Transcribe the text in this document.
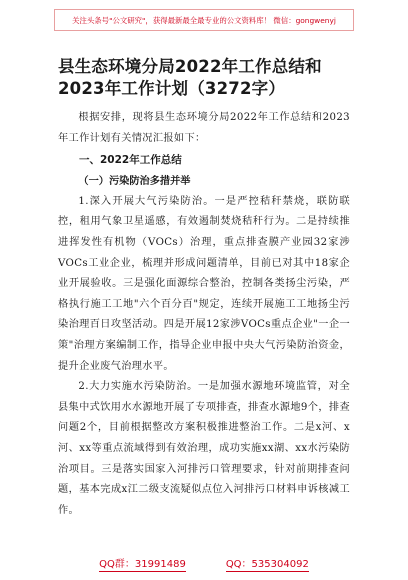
关注头条号"公文研究"，获得最新最全最专业的公文资料库！ 微信：gongwenyj
县生态环境分局2022年工作总结和2023年工作计划（3272字）

根据安排，现将县生态环境分局2022年工作总结和2023年工作计划有关情况汇报如下：

一、2022年工作总结
（一）污染防治多措并举

1.深入开展大气污染防治。一是严控秸秆禁烧，联防联控，租用气象卫星遥感，有效遏制焚烧秸秆行为。二是持续推进挥发性有机物（VOCs）治理，重点排查膜产业园32家涉VOCs工业企业，梳理并形成问题清单，目前已对其中18家企业开展验收。三是强化面源综合整治，控制各类扬尘污染，严格执行施工工地"六个百分百"规定，连续开展施工工地扬尘污染治理百日攻坚活动。四是开展12家涉VOCs重点企业"一企一策"治理方案编制工作，指导企业申报中央大气污染防治资金，提升企业废气治理水平。

2.大力实施水污染防治。一是加强水源地环境监管，对全县集中式饮用水水源地开展了专项排查，排查水源地9个，排查问题2个，目前根据整改方案积极推进整治工作。二是x河、x河、xx等重点流域得到有效治理，成功实施xx湖、xx水污染防治项目。三是落实国家入河排污口管理要求，针对前期排查问题，基本完成x江二级支流疑似点位入河排污口材料申诉核减工作。

QQ群：31991489	QQ：535304092
